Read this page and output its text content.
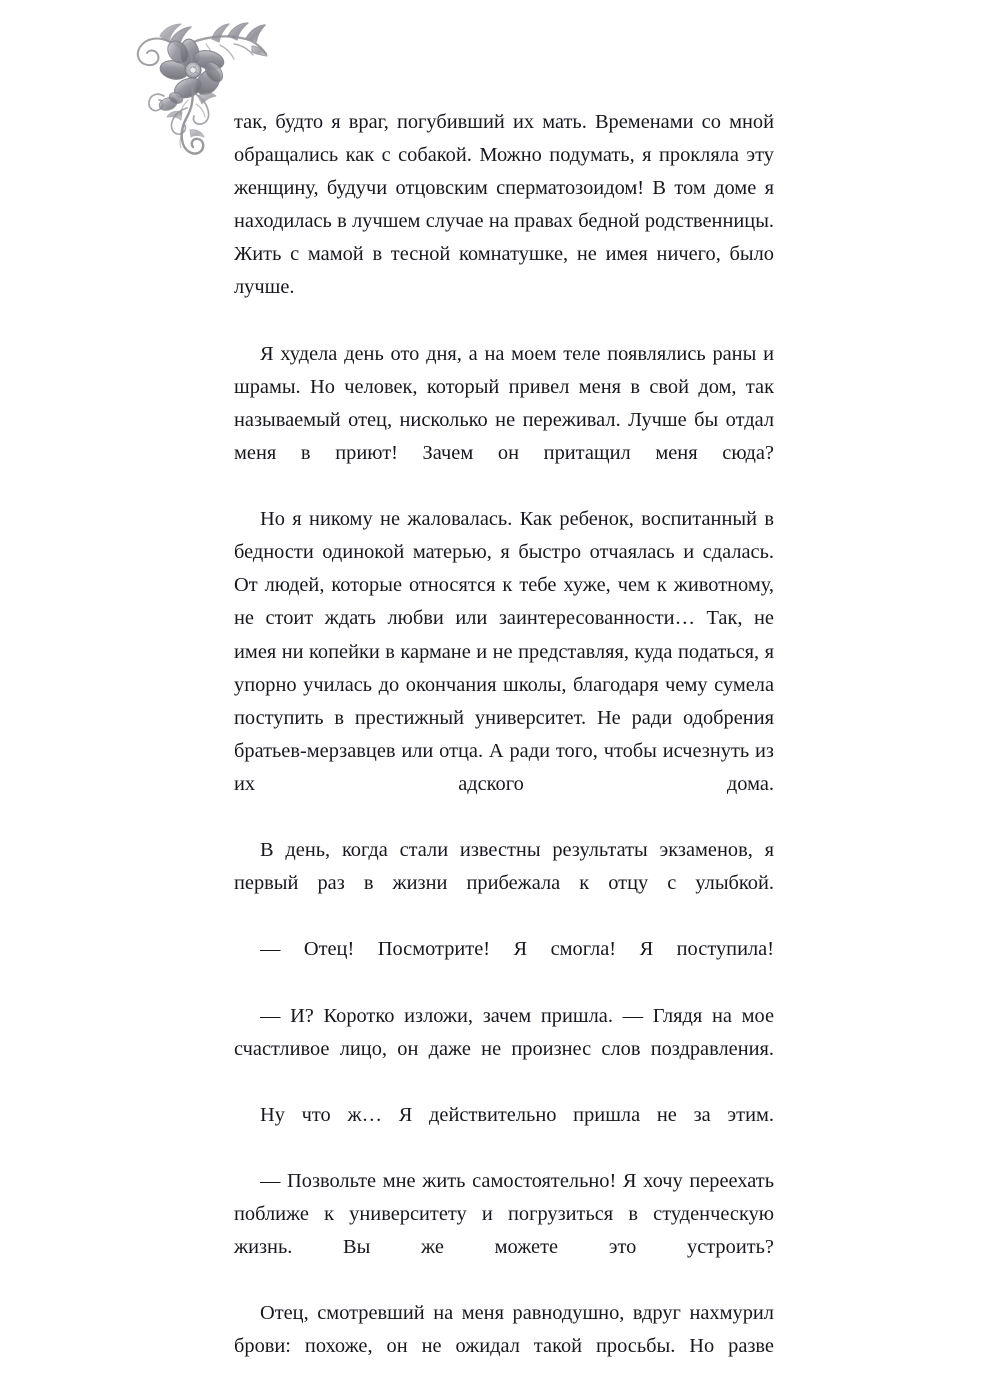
так, будто я враг, погубивший их мать. Временами со мной обращались как с собакой. Можно подумать, я прокляла эту женщину, будучи отцовским сперматозоидом! В том доме я находилась в лучшем случае на правах бедной родственницы. Жить с мамой в тесной комнатушке, не имея ничего, было лучше.

Я худела день ото дня, а на моем теле появлялись раны и шрамы. Но человек, который привел меня в свой дом, так называемый отец, нисколько не переживал. Лучше бы отдал меня в приют! Зачем он притащил меня сюда?

Но я никому не жаловалась. Как ребенок, воспитанный в бедности одинокой матерью, я быстро отчаялась и сдалась. От людей, которые относятся к тебе хуже, чем к животному, не стоит ждать любви или заинтересованности… Так, не имея ни копейки в кармане и не представляя, куда податься, я упорно училась до окончания школы, благодаря чему сумела поступить в престижный университет. Не ради одобрения братьев-мерзавцев или отца. А ради того, чтобы исчезнуть из их адского дома.

В день, когда стали известны результаты экзаменов, я первый раз в жизни прибежала к отцу с улыбкой.

— Отец! Посмотрите! Я смогла! Я поступила!

— И? Коротко изложи, зачем пришла. — Глядя на мое счастливое лицо, он даже не произнес слов поздравления.

Ну что ж… Я действительно пришла не за этим.

— Позвольте мне жить самостоятельно! Я хочу переехать поближе к университету и погрузиться в студенческую жизнь. Вы же можете это устроить?

Отец, смотревший на меня равнодушно, вдруг нахмурил брови: похоже, он не ожидал такой просьбы. Но разве
